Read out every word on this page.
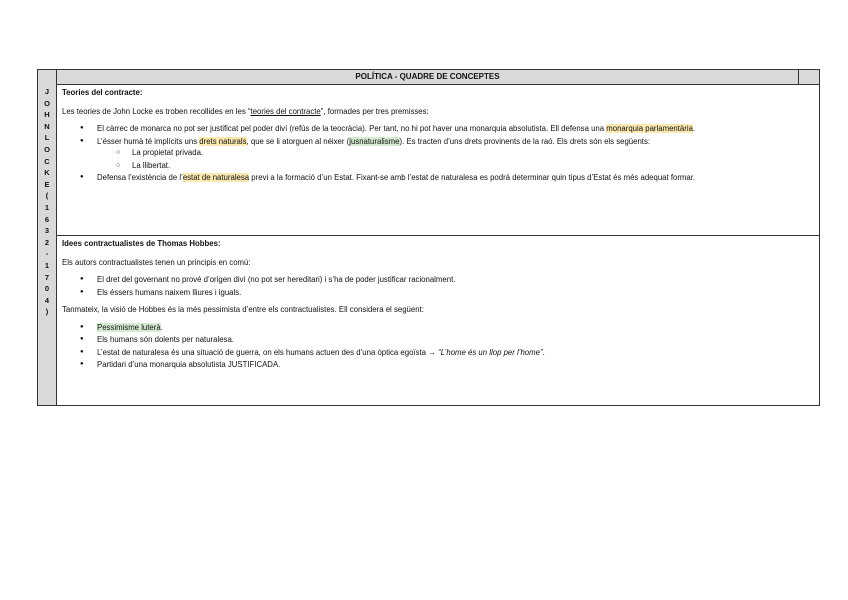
J
O
H
N
L
O
C
K
E
(
1
6
3
2
-
1
7
0
4
)
POLÍTICA - QUADRE DE CONCEPTES
Teories del contracte:

Les teories de John Locke es troben recollides en les “teories del contracte”, formades per tres premisses:

● El càrrec de monarca no pot ser justificat pel poder diví (refús de la teocràcia). Per tant, no hi pot haver una monarquia absolutista. Ell defensa una monarquia parlamentària.
● L’ésser humà té implícits uns drets naturals, que se li atorguen al néixer (jusnaturalisme). Es tracten d’uns drets provinents de la raó. Els drets són els següents:
○ La propietat privada.
○ La llibertat.
● Defensa l’existència de l’estat de naturalesa previ a la formació d’un Estat. Fixant-se amb l’estat de naturalesa es podrà determinar quin tipus d’Estat és més adequat formar.
Idees contractualistes de Thomas Hobbes:

Els autors contractualistes tenen un principis en comú:

● El dret del governant no prové d’origen diví (no pot ser hereditari) i s’ha de poder justificar racionalment.
● Els éssers humans naixem lliures i iguals.

Tanmateix, la visió de Hobbes és la més pessimista d’entre els contractualistes. Ell considera el següent:

● Pessimisme luterà.
● Els humans són dolents per naturalesa.
● L’estat de naturalesa és una situació de guerra, on els humans actuen des d’una òptica egoïsta → “L’home és un llop per l’home”.
● Partidari d’una monarquia absolutista JUSTIFICADA.
